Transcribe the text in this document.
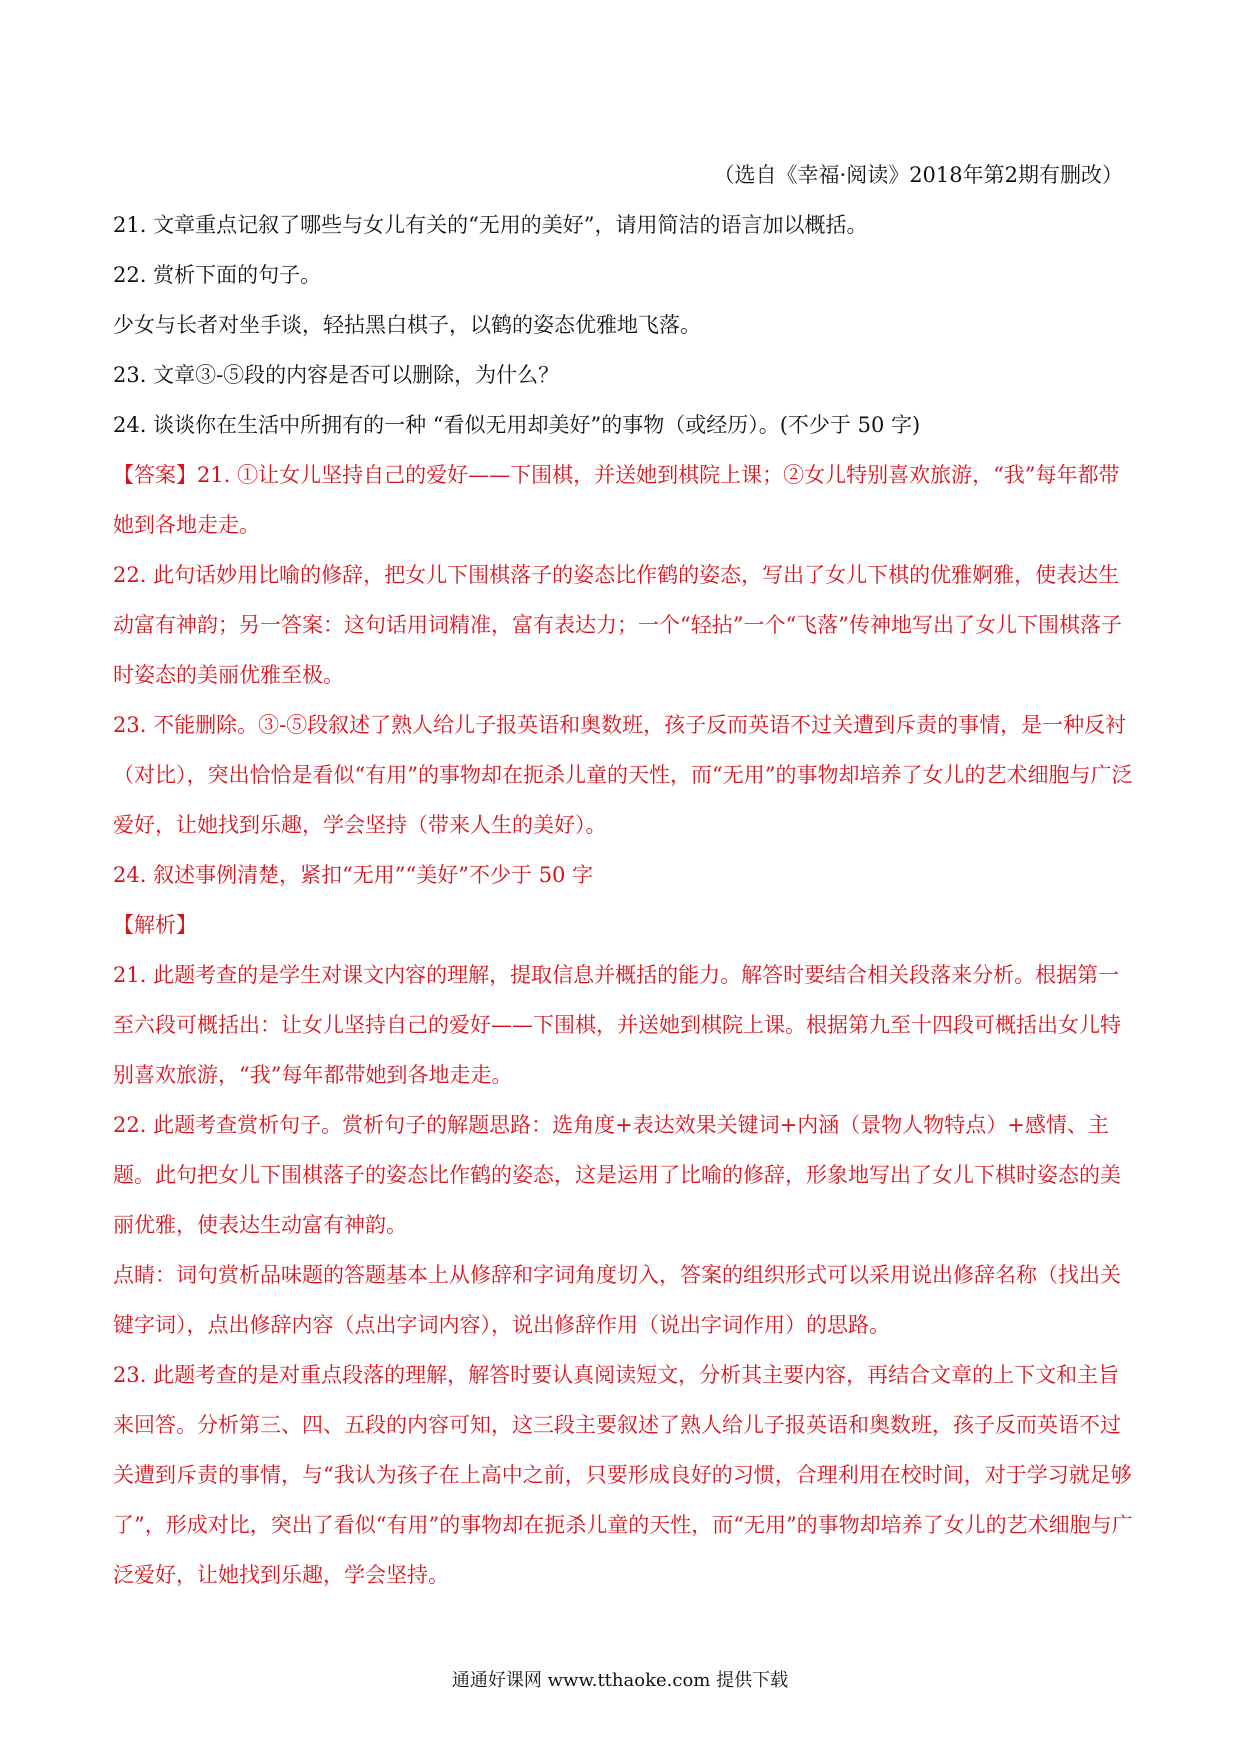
（选自《幸福·阅读》2018年第2期有删改）
21. 文章重点记叙了哪些与女儿有关的“无用的美好”，请用简洁的语言加以概括。
22. 赏析下面的句子。
少女与长者对坐手谈，轻拈黑白棋子，以鹤的姿态优雅地飞落。
23. 文章③-⑤段的内容是否可以删除，为什么？
24. 谈谈你在生活中所拥有的一种 “看似无用却美好”的事物（或经历）。(不少于 50 字)
【答案】21. ①让女儿坚持自己的爱好——下围棋，并送她到棋院上课；②女儿特别喜欢旅游，“我”每年都带她到各地走走。
22. 此句话妙用比喻的修辞，把女儿下围棋落子的姿态比作鹤的姿态，写出了女儿下棋的优雅婀雅，使表达生动富有神韵；另一答案：这句话用词精准，富有表达力；一个“轻拈”一个“飞落”传神地写出了女儿下围棋落子时姿态的美丽优雅至极。
23. 不能删除。③-⑤段叙述了熟人给儿子报英语和奥数班，孩子反而英语不过关遭到斥责的事情，是一种反衬（对比），突出恰恰是看似“有用”的事物却在扼杀儿童的天性，而“无用”的事物却培养了女儿的艺术细胞与广泛爱好，让她找到乐趣，学会坚持（带来人生的美好）。
24. 叙述事例清楚，紧扣“无用”“美好”不少于 50 字
【解析】
21. 此题考查的是学生对课文内容的理解，提取信息并概括的能力。解答时要结合相关段落来分析。根据第一至六段可概括出：让女儿坚持自己的爱好——下围棋，并送她到棋院上课。根据第九至十四段可概括出女儿特别喜欢旅游，“我”每年都带她到各地走走。
22. 此题考查赏析句子。赏析句子的解题思路：选角度+表达效果关键词+内涵（景物人物特点）+感情、主题。此句把女儿下围棋落子的姿态比作鹤的姿态，这是运用了比喻的修辞，形象地写出了女儿下棋时姿态的美丽优雅，使表达生动富有神韵。
点睛：词句赏析品味题的答题基本上从修辞和字词角度切入，答案的组织形式可以采用说出修辞名称（找出关键字词），点出修辞内容（点出字词内容），说出修辞作用（说出字词作用）的思路。
23. 此题考查的是对重点段落的理解，解答时要认真阅读短文，分析其主要内容，再结合文章的上下文和主旨来回答。分析第三、四、五段的内容可知，这三段主要叙述了熟人给儿子报英语和奥数班，孩子反而英语不过关遭到斥责的事情，与“我认为孩子在上高中之前，只要形成良好的习惯，合理利用在校时间，对于学习就足够了”，形成对比，突出了看似“有用”的事物却在扼杀儿童的天性，而“无用”的事物却培养了女儿的艺术细胞与广泛爱好，让她找到乐趣，学会坚持。
通通好课网 www.tthaoke.com 提供下载
